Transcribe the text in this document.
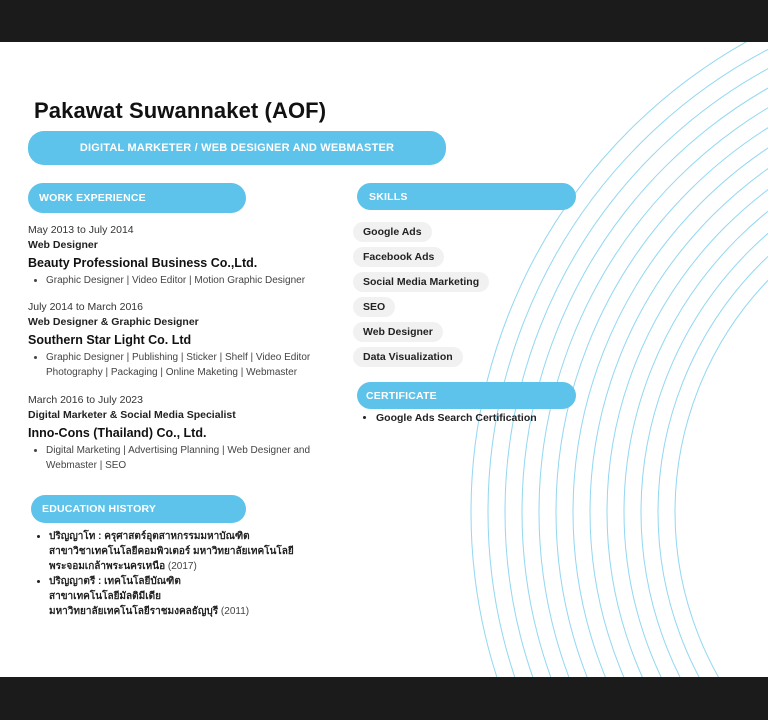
Pakawat Suwannaket (AOF)
DIGITAL MARKETER / WEB DESIGNER AND WEBMASTER
WORK EXPERIENCE

May 2013 to July 2014

Web Designer

Beauty Professional Business Co.,Ltd.

• Graphic Designer | Video Editor | Motion Graphic Designer

July 2014 to March 2016

Web Designer & Graphic Designer

Southern Star Light Co. Ltd

• Graphic Designer | Publishing | Sticker | Shelf | Video Editor Photography | Packaging | Online Maketing | Webmaster

March 2016 to July 2023

Digital Marketer & Social Media Specialist

Inno-Cons (Thailand) Co., Ltd.

• Digital Marketing | Advertising Planning | Web Designer and Webmaster | SEO
EDUCATION HISTORY
• ปริญญาโท : ครุศาสตร์อุตสาหกรรมมหาบัณฑิต
สาขาวิชาเทคโนโลยีคอมพิวเตอร์ มหาวิทยาลัยเทคโนโลยี
พระจอมเกล้าพระนครเหนือ (2017)
• ปริญญาตรี : เทคโนโลยีบัณฑิต
สาขาเทคโนโลยีมัลติมีเดีย
มหาวิทยาลัยเทคโนโลยีราชมงคลธัญบุรี (2011)
SKILLS
Google Ads
Facebook Ads
Social Media Marketing
SEO
Web Designer
Data Visualization
CERTIFICATE
• Google Ads Search Certification
